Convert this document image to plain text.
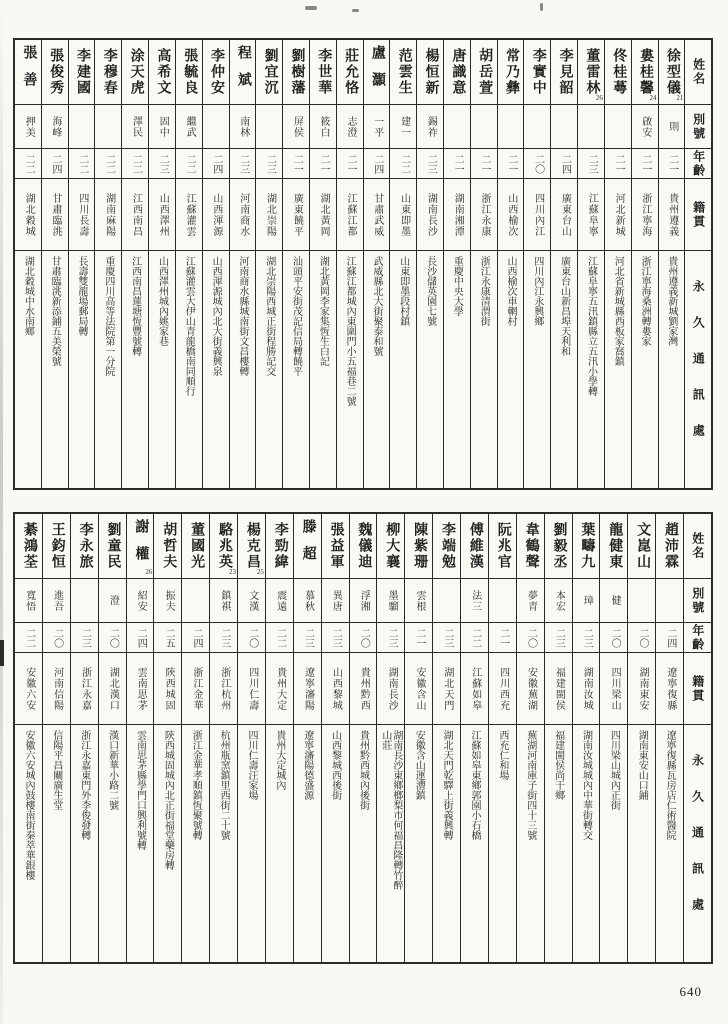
張善
押美
二二
湖北穀城
湖北穀城中水南鄉
張俊秀
海峰
二四
甘肅臨洮
甘肅臨洮新添鋪五美榮號
李建國
二二
四川長壽
長壽雙龍場郵局轉
李穆春
二二
湖南麻陽
重慶四川高等法院第一分院
涂天虎
澤民
二二
江西南昌
江西南昌蓮塘恆豐號轉
高希文
固中
二三
山西澤州
山西澤州城內姚家巷
張毓良
繼武
二二
江蘇灌雲
江蘇灌雲大伊山青龍橋南同順行
李仲安
二四
山西渾源
山西渾源城內北大街義興泉
程斌
南林
二三
河南商水
河南商水縣城南街文昌樓轉
劉宜沉
二三
湖北崇陽
湖北崇陽西城正街程勝記交
劉樹藩
屏侯
二一
廣東饒平
汕頭平安街茂記信局轉饒平
李世華
筱白
二一
湖北黃岡
湖北黃岡李家集恆生白記
莊允恪
志澄
二一
江蘇江都
江蘇江都城內東圍門小五福巷二號
盧灝
一平
二四
甘肅武威
武威縣北大街聚泰和號
范雲生
建一
二二
山東即墨
山東即墨段村鎮
楊恒新
錫祚
二三
湖南長沙
長沙儲英園七號
唐識意
二一
湖南湘潭
重慶中央大學
胡岳萱
二一
浙江永康
浙江永康清渭街
常乃彝
二一
山西榆次
山西榆次車輞村
李實中
二〇
四川內江
四川內江永興鄉
李見韶
二四
廣東台山
廣東台山新昌埠天利和
董雷林
26
二三
江蘇阜寧
江蘇阜寧五汛鎮縣立五汛小學轉
佟桂蕚
二一
河北新城
河北省新城縣西板家窩鎮
婁桂馨
24
啟安
二一
浙江寧海
浙江寧海桑洲轉婁家
徐型儀
21
則
二一
貴州遵義
貴州遵義新城劉家灣
姓名
別號
年齡
籍貫
永久通訊處
綦鴻荃
寬悟
二二
安徽六安
安徽六安城內鼓樓南街秦萃華銀樓
王鈞恒
進吾
二〇
河南信陽
信陽平昌關廣生堂
李永旅
二三
浙江永嘉
浙江永嘉東門外李俊發轉
劉童民
澄
二〇
湖北漢口
漢口新華小路二號
謝權
26
紹安
二四
雲南思茅
雲南思茅縣學門口興利號轉
胡哲夫
振夫
二五
陝西城固
陝西城固城內北正街福堂藥房轉
董國光
二四
浙江金華
浙江金華孝順鎮恆聚號轉
駱兆英
23
鎮祺
二三
浙江杭州
杭州瓶窯鎮里西街二十號
楊克昌
25
文漢
二〇
四川仁壽
四川仁壽汪家場
李勁緯
震遠
二二
貴州大定
貴州大定城內
滕超
慕秋
二三
遼寧瀋陽
遼寧瀋陽德盛源
張益軍
異唐
二三
山西黎城
山西黎城西後街
魏儀迪
浮湘
二〇
貴州黔西
貴州黔西城內後街
柳大襄
墨騮
二三
湖南長沙
湖南長沙東鄉榔梨市何福昌隆轉竹醉山莊
陳紫珊
雲根
二一
安徽含山
安徽含山運漕鎮
李端勉
二三
湖北天門
湖北天門乾驛上街義興轉
傅維漢
法三
二二
江蘇如皋
江蘇如皋東鄉郭園小石橋
阮兆官
二一
四川西充
西充仁和場
韋鶴聲
夢青
二〇
安徽蕪湖
蕪湖河南庫子街四十三號
劉毅丞
本宏
二三
福建閩侯
福建閩侯尚干鄉
葉疇九
璋
二三
湖南汝城
湖南汝城城內中華街轉交
龍健東
健
二〇
四川梁山
四川梁山城內正街
文崑山
二〇
湖南東安
湖南東安山口鋪
趙沛霖
二四
遼寧復縣
遼寧復縣瓦房店仁術醫院
姓名
別號
年齡
籍貫
永久通訊處
640
